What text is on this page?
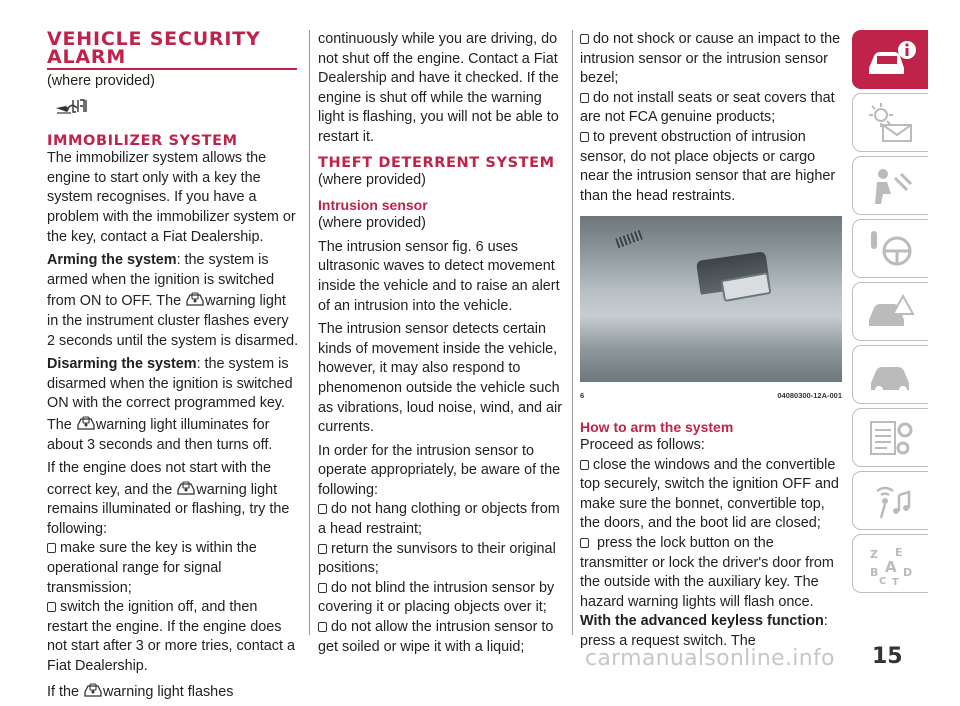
VEHICLE SECURITY ALARM

(where provided)

IMMOBILIZER SYSTEM

The immobilizer system allows the engine to start only with a key the system recognises. If you have a problem with the immobilizer system or the key, contact a Fiat Dealership.

Arming the system: the system is armed when the ignition is switched from ON to OFF. The warning light in the instrument cluster flashes every 2 seconds until the system is disarmed.

Disarming the system: the system is disarmed when the ignition is switched ON with the correct programmed key. The warning light illuminates for about 3 seconds and then turns off.

If the engine does not start with the correct key, and the warning light remains illuminated or flashing, try the following:

make sure the key is within the operational range for signal transmission;

switch the ignition off, and then restart the engine. If the engine does not start after 3 or more tries, contact a Fiat Dealership.

If the warning light flashes

continuously while you are driving, do not shut off the engine. Contact a Fiat Dealership and have it checked. If the engine is shut off while the warning light is flashing, you will not be able to restart it.

THEFT DETERRENT SYSTEM

(where provided)

Intrusion sensor

(where provided)

The intrusion sensor fig. 6 uses ultrasonic waves to detect movement inside the vehicle and to raise an alert of an intrusion into the vehicle.

The intrusion sensor detects certain kinds of movement inside the vehicle, however, it may also respond to phenomenon outside the vehicle such as vibrations, loud noise, wind, and air currents.

In order for the intrusion sensor to operate appropriately, be aware of the following:

do not hang clothing or objects from a head restraint;

return the sunvisors to their original positions;

do not blind the intrusion sensor by covering it or placing objects over it;

do not allow the intrusion sensor to get soiled or wipe it with a liquid;

do not shock or cause an impact to the intrusion sensor or the intrusion sensor bezel;

do not install seats or seat covers that are not FCA genuine products;

to prevent obstruction of intrusion sensor, do not place objects or cargo near the intrusion sensor that are higher than the head restraints.

6	04080300-12A-001
How to arm the system

Proceed as follows:

close the windows and the convertible top securely, switch the ignition OFF and make sure the bonnet, convertible top, the doors, and the boot lid are closed;

press the lock button on the transmitter or lock the driver's door from the outside with the auxiliary key. The hazard warning lights will flash once. With the advanced keyless function: press a request switch. The

Z E
A
B D
C T
carmanualsonline.info 15
